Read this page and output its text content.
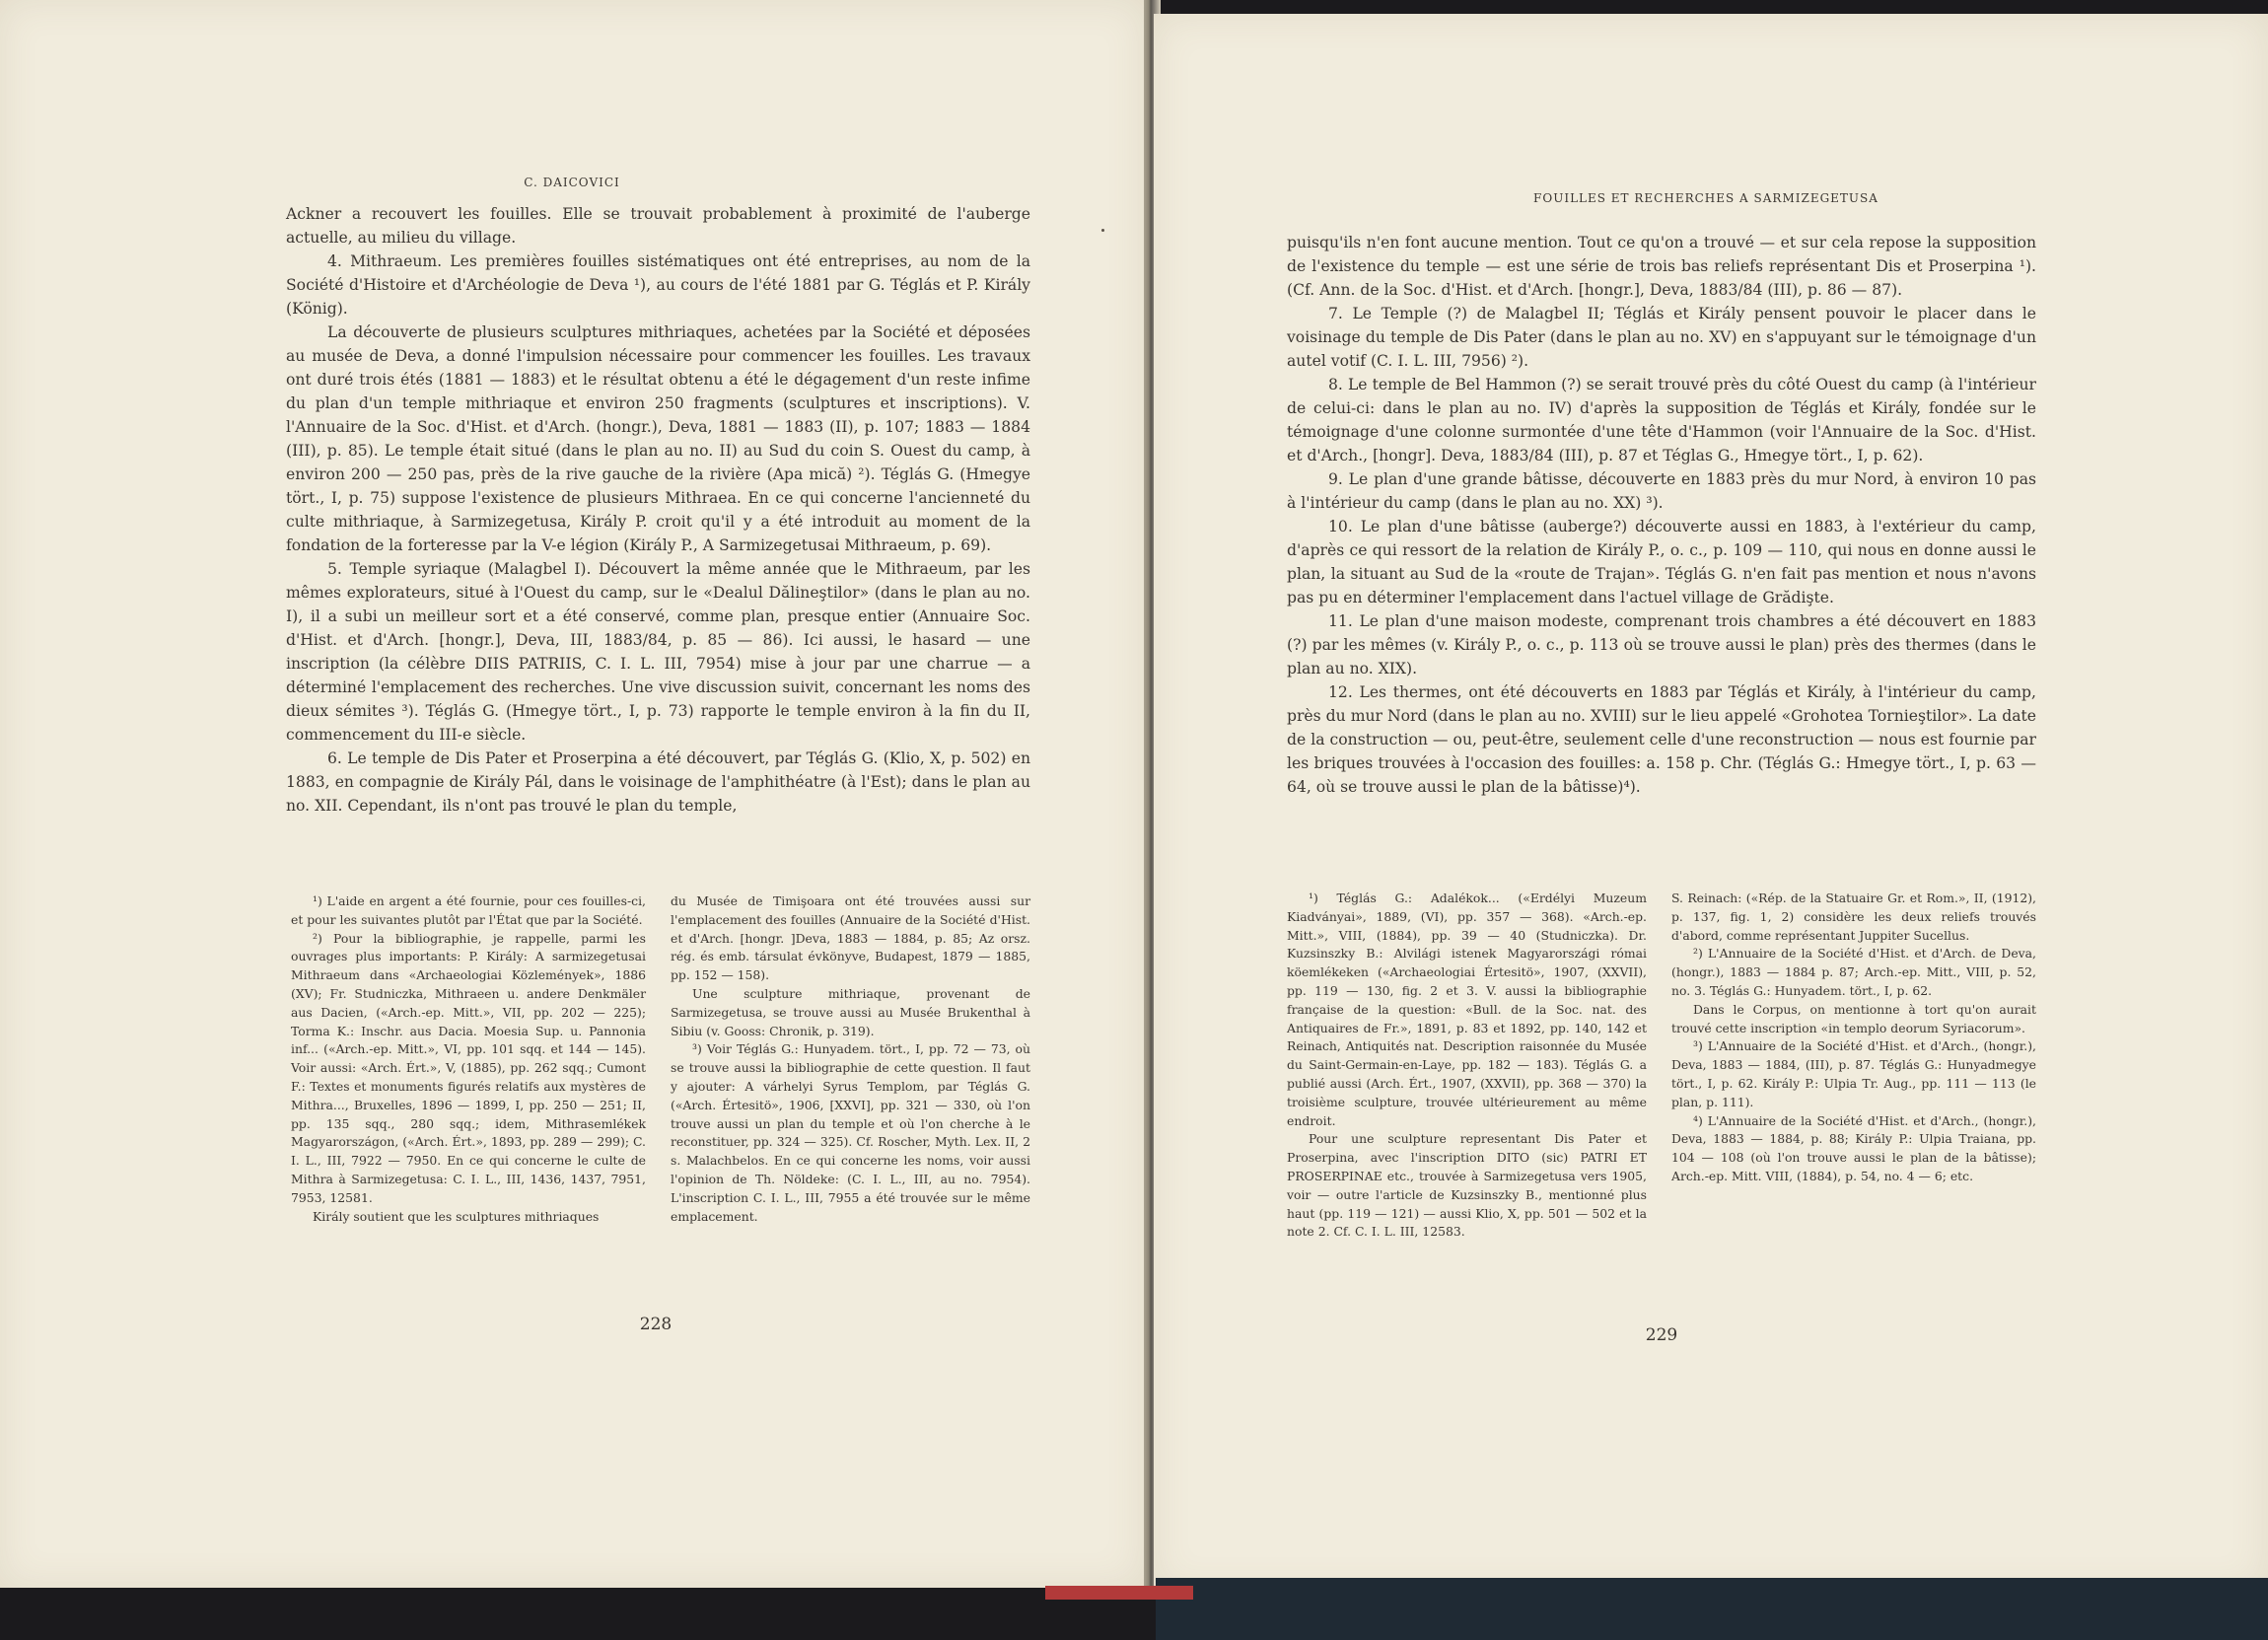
C. DAICOVICI

Ackner a recouvert les fouilles. Elle se trouvait probablement à proximité de l'auberge actuelle, au milieu du village.

4. Mithraeum. Les premières fouilles sistématiques ont été entreprises, au nom de la Société d'Histoire et d'Archéologie de Deva ¹), au cours de l'été 1881 par G. Téglás et P. Király (König).

La découverte de plusieurs sculptures mithriaques, achetées par la Société et déposées au musée de Deva, a donné l'impulsion nécessaire pour commencer les fouilles. Les travaux ont duré trois étés (1881 — 1883) et le résultat obtenu a été le dégagement d'un reste infime du plan d'un temple mithriaque et environ 250 fragments (sculptures et inscriptions). V. l'Annuaire de la Soc. d'Hist. et d'Arch. (hongr.), Deva, 1881 — 1883 (II), p. 107; 1883 — 1884 (III), p. 85). Le temple était situé (dans le plan au no. II) au Sud du coin S. Ouest du camp, à environ 200 — 250 pas, près de la rive gauche de la rivière (Apa mică) ²). Téglás G. (Hmegye tört., I, p. 75) suppose l'existence de plusieurs Mithraea. En ce qui concerne l'ancienneté du culte mithriaque, à Sarmizegetusa, Király P. croit qu'il y a été introduit au moment de la fondation de la forteresse par la V-e légion (Király P., A Sarmizegetusai Mithraeum, p. 69).

5. Temple syriaque (Malagbel I). Découvert la même année que le Mithraeum, par les mêmes explorateurs, situé à l'Ouest du camp, sur le «Dealul Dălineştilor» (dans le plan au no. I), il a subi un meilleur sort et a été conservé, comme plan, presque entier (Annuaire Soc. d'Hist. et d'Arch. [hongr.], Deva, III, 1883/84, p. 85 — 86). Ici aussi, le hasard — une inscription (la célèbre DIIS PATRIIS, C. I. L. III, 7954) mise à jour par une charrue — a déterminé l'emplacement des recherches. Une vive discussion suivit, concernant les noms des dieux sémites ³). Téglás G. (Hmegye tört., I, p. 73) rapporte le temple environ à la fin du II, commencement du III-e siècle.

6. Le temple de Dis Pater et Proserpina a été découvert, par Téglás G. (Klio, X, p. 502) en 1883, en compagnie de Király Pál, dans le voisinage de l'amphithéatre (à l'Est); dans le plan au no. XII. Cependant, ils n'ont pas trouvé le plan du temple,

¹) L'aide en argent a été fournie, pour ces fouilles-ci, et pour les suivantes plutôt par l'État que par la Société.

²) Pour la bibliographie, je rappelle, parmi les ouvrages plus importants: P. Király: A sarmizegetusai Mithraeum dans «Archaeologiai Közlemények», 1886 (XV); Fr. Studniczka, Mithraeen u. andere Denkmäler aus Dacien, («Arch.-ep. Mitt.», VII, pp. 202 — 225); Torma K.: Inschr. aus Dacia. Moesia Sup. u. Pannonia inf... («Arch.-ep. Mitt.», VI, pp. 101 sqq. et 144 — 145). Voir aussi: «Arch. Ért.», V, (1885), pp. 262 sqq.; Cumont F.: Textes et monuments figurés relatifs aux mystères de Mithra..., Bruxelles, 1896 — 1899, I, pp. 250 — 251; II, pp. 135 sqq., 280 sqq.; idem, Mithrasemlékek Magyarországon, («Arch. Ért.», 1893, pp. 289 — 299); C. I. L., III, 7922 — 7950. En ce qui concerne le culte de Mithra à Sarmizegetusa: C. I. L., III, 1436, 1437, 7951, 7953, 12581.

Király soutient que les sculptures mithriaques

du Musée de Timişoara ont été trouvées aussi sur l'emplacement des fouilles (Annuaire de la Société d'Hist. et d'Arch. [hongr. ]Deva, 1883 — 1884, p. 85; Az orsz. rég. és emb. társulat évkönyve, Budapest, 1879 — 1885, pp. 152 — 158).

Une sculpture mithriaque, provenant de Sarmizegetusa, se trouve aussi au Musée Brukenthal à Sibiu (v. Gooss: Chronik, p. 319).

³) Voir Téglás G.: Hunyadem. tört., I, pp. 72 — 73, où se trouve aussi la bibliographie de cette question. Il faut y ajouter: A várhelyi Syrus Templom, par Téglás G. («Arch. Értesitö», 1906, [XXVI], pp. 321 — 330, où l'on trouve aussi un plan du temple et où l'on cherche à le reconstituer, pp. 324 — 325). Cf. Roscher, Myth. Lex. II, 2 s. Malachbelos. En ce qui concerne les noms, voir aussi l'opinion de Th. Nöldeke: (C. I. L., III, au no. 7954). L'inscription C. I. L., III, 7955 a été trouvée sur le même emplacement.

228
FOUILLES ET RECHERCHES A SARMIZEGETUSA

puisqu'ils n'en font aucune mention. Tout ce qu'on a trouvé — et sur cela repose la supposition de l'existence du temple — est une série de trois bas reliefs représentant Dis et Proserpina ¹). (Cf. Ann. de la Soc. d'Hist. et d'Arch. [hongr.], Deva, 1883/84 (III), p. 86 — 87).

7. Le Temple (?) de Malagbel II; Téglás et Király pensent pouvoir le placer dans le voisinage du temple de Dis Pater (dans le plan au no. XV) en s'appuyant sur le témoignage d'un autel votif (C. I. L. III, 7956) ²).

8. Le temple de Bel Hammon (?) se serait trouvé près du côté Ouest du camp (à l'intérieur de celui-ci: dans le plan au no. IV) d'après la supposition de Téglás et Király, fondée sur le témoignage d'une colonne surmontée d'une tête d'Hammon (voir l'Annuaire de la Soc. d'Hist. et d'Arch., [hongr]. Deva, 1883/84 (III), p. 87 et Téglas G., Hmegye tört., I, p. 62).

9. Le plan d'une grande bâtisse, découverte en 1883 près du mur Nord, à environ 10 pas à l'intérieur du camp (dans le plan au no. XX) ³).

10. Le plan d'une bâtisse (auberge?) découverte aussi en 1883, à l'extérieur du camp, d'après ce qui ressort de la relation de Király P., o. c., p. 109 — 110, qui nous en donne aussi le plan, la situant au Sud de la «route de Trajan». Téglás G. n'en fait pas mention et nous n'avons pas pu en déterminer l'emplacement dans l'actuel village de Grădişte.

11. Le plan d'une maison modeste, comprenant trois chambres a été découvert en 1883 (?) par les mêmes (v. Király P., o. c., p. 113 où se trouve aussi le plan) près des thermes (dans le plan au no. XIX).

12. Les thermes, ont été découverts en 1883 par Téglás et Király, à l'intérieur du camp, près du mur Nord (dans le plan au no. XVIII) sur le lieu appelé «Grohotea Tornieştilor». La date de la construction — ou, peut-être, seulement celle d'une reconstruction — nous est fournie par les briques trouvées à l'occasion des fouilles: a. 158 p. Chr. (Téglás G.: Hmegye tört., I, p. 63 — 64, où se trouve aussi le plan de la bâtisse)⁴).

¹) Téglás G.: Adalékok... («Erdélyi Muzeum Kiadványai», 1889, (VI), pp. 357 — 368). «Arch.-ep. Mitt.», VIII, (1884), pp. 39 — 40 (Studniczka). Dr. Kuzsinszky B.: Alvilági istenek Magyarországi római köemlékeken («Archaeologiai Értesitö», 1907, (XXVII), pp. 119 — 130, fig. 2 et 3. V. aussi la bibliographie française de la question: «Bull. de la Soc. nat. des Antiquaires de Fr.», 1891, p. 83 et 1892, pp. 140, 142 et Reinach, Antiquités nat. Description raisonnée du Musée du Saint-Germain-en-Laye, pp. 182 — 183). Téglás G. a publié aussi (Arch. Ért., 1907, (XXVII), pp. 368 — 370) la troisième sculpture, trouvée ultérieurement au même endroit.

Pour une sculpture representant Dis Pater et Proserpina, avec l'inscription DITO (sic) PATRI ET PROSERPINAE etc., trouvée à Sarmizegetusa vers 1905, voir — outre l'article de Kuzsinszky B., mentionné plus haut (pp. 119 — 121) — aussi Klio, X, pp. 501 — 502 et la note 2. Cf. C. I. L. III, 12583.

S. Reinach: («Rép. de la Statuaire Gr. et Rom.», II, (1912), p. 137, fig. 1, 2) considère les deux reliefs trouvés d'abord, comme représentant Juppiter Sucellus.

²) L'Annuaire de la Société d'Hist. et d'Arch. de Deva, (hongr.), 1883 — 1884 p. 87; Arch.-ep. Mitt., VIII, p. 52, no. 3. Téglás G.: Hunyadem. tört., I, p. 62.

Dans le Corpus, on mentionne à tort qu'on aurait trouvé cette inscription «in templo deorum Syriacorum».

³) L'Annuaire de la Société d'Hist. et d'Arch., (hongr.), Deva, 1883 — 1884, (III), p. 87. Téglás G.: Hunyadmegye tört., I, p. 62. Király P.: Ulpia Tr. Aug., pp. 111 — 113 (le plan, p. 111).

⁴) L'Annuaire de la Société d'Hist. et d'Arch., (hongr.), Deva, 1883 — 1884, p. 88; Király P.: Ulpia Traiana, pp. 104 — 108 (où l'on trouve aussi le plan de la bâtisse); Arch.-ep. Mitt. VIII, (1884), p. 54, no. 4 — 6; etc.

229
